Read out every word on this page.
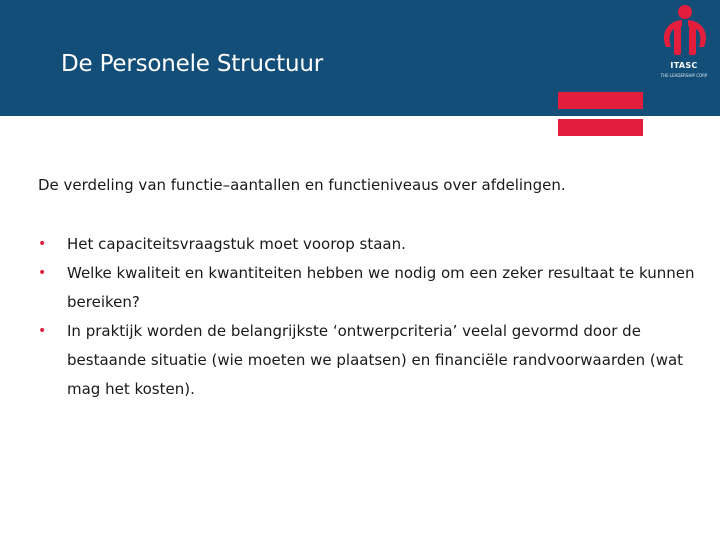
De Personele Structuur	ITASC
THE LEADERSHIP CORP
De verdeling van functie–aantallen en functieniveaus over afdelingen.
• Het capaciteitsvraagstuk moet voorop staan.
• Welke kwaliteit en kwantiteiten hebben we nodig om een zeker resultaat te kunnen bereiken?
• In praktijk worden de belangrijkste ‘ontwerpcriteria’ veelal gevormd door de bestaande situatie (wie moeten we plaatsen) en financiële randvoorwaarden (wat mag het kosten).
